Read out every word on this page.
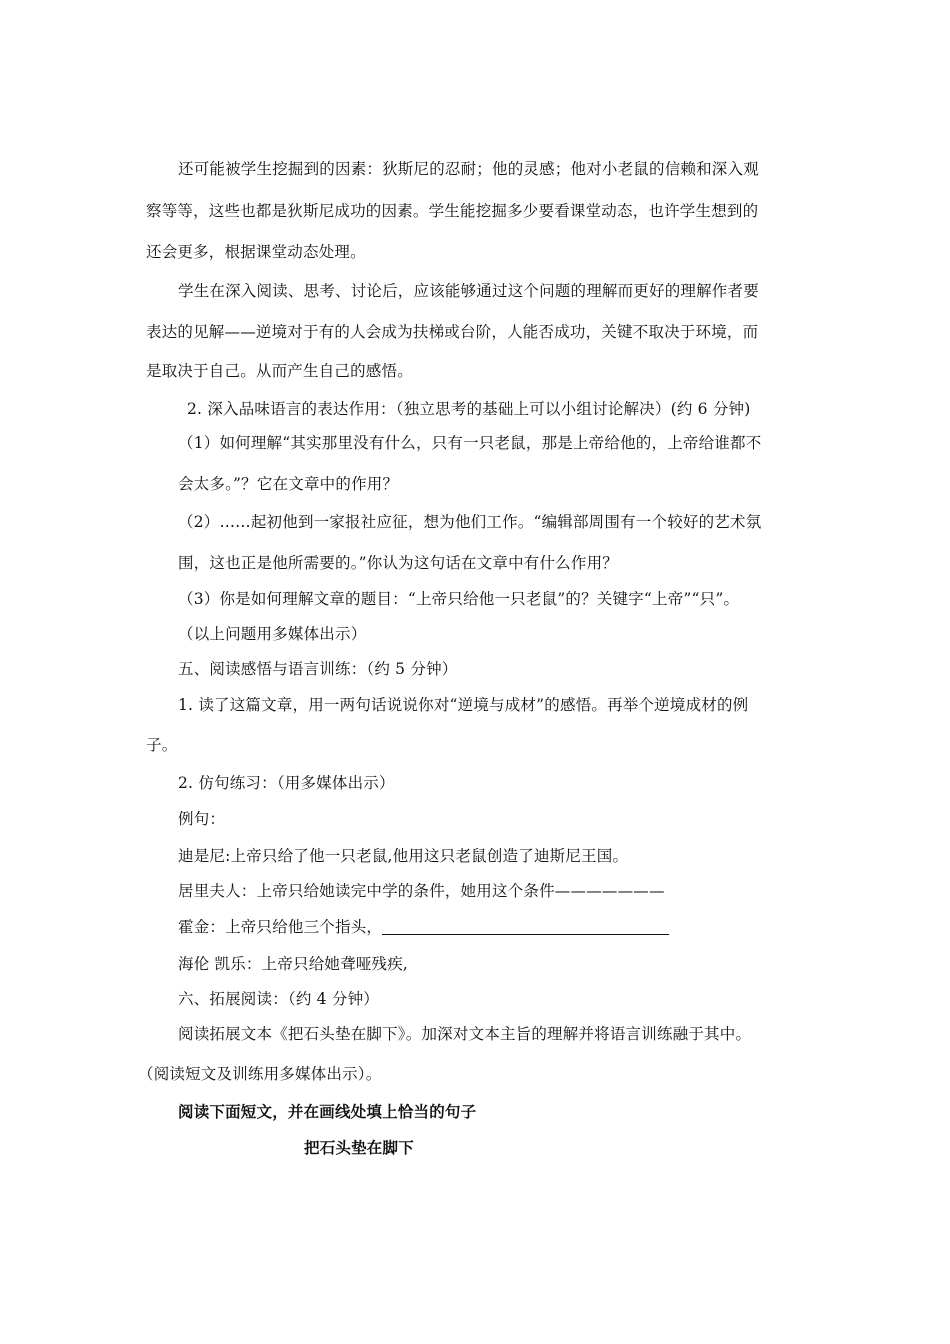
还可能被学生挖掘到的因素：狄斯尼的忍耐；他的灵感；他对小老鼠的信赖和深入观
察等等，这些也都是狄斯尼成功的因素。学生能挖掘多少要看课堂动态，也许学生想到的
还会更多，根据课堂动态处理。
学生在深入阅读、思考、讨论后，应该能够通过这个问题的理解而更好的理解作者要
表达的见解——逆境对于有的人会成为扶梯或台阶，人能否成功，关键不取决于环境，而
是取决于自己。从而产生自己的感悟。
2. 深入品味语言的表达作用：（独立思考的基础上可以小组讨论解决）(约 6 分钟)
（1）如何理解“其实那里没有什么，只有一只老鼠，那是上帝给他的，上帝给谁都不
会太多。”？它在文章中的作用？
（2）……起初他到一家报社应征，想为他们工作。“编辑部周围有一个较好的艺术氛
围，这也正是他所需要的。”你认为这句话在文章中有什么作用？
（3）你是如何理解文章的题目：“上帝只给他一只老鼠”的？关键字“上帝”“只”。
（以上问题用多媒体出示）
五、阅读感悟与语言训练：（约 5 分钟）
1. 读了这篇文章，用一两句话说说你对“逆境与成材”的感悟。再举个逆境成材的例
子。
2. 仿句练习：（用多媒体出示）
例句：
迪是尼:上帝只给了他一只老鼠,他用这只老鼠创造了迪斯尼王国。
居里夫人：上帝只给她读完中学的条件，她用这个条件———————
霍金：上帝只给他三个指头，
海伦 凯乐：上帝只给她聋哑残疾,
六、拓展阅读：（约 4 分钟）
阅读拓展文本《把石头垫在脚下》。加深对文本主旨的理解并将语言训练融于其中。
（阅读短文及训练用多媒体出示）。
阅读下面短文，并在画线处填上恰当的句子
把石头垫在脚下
